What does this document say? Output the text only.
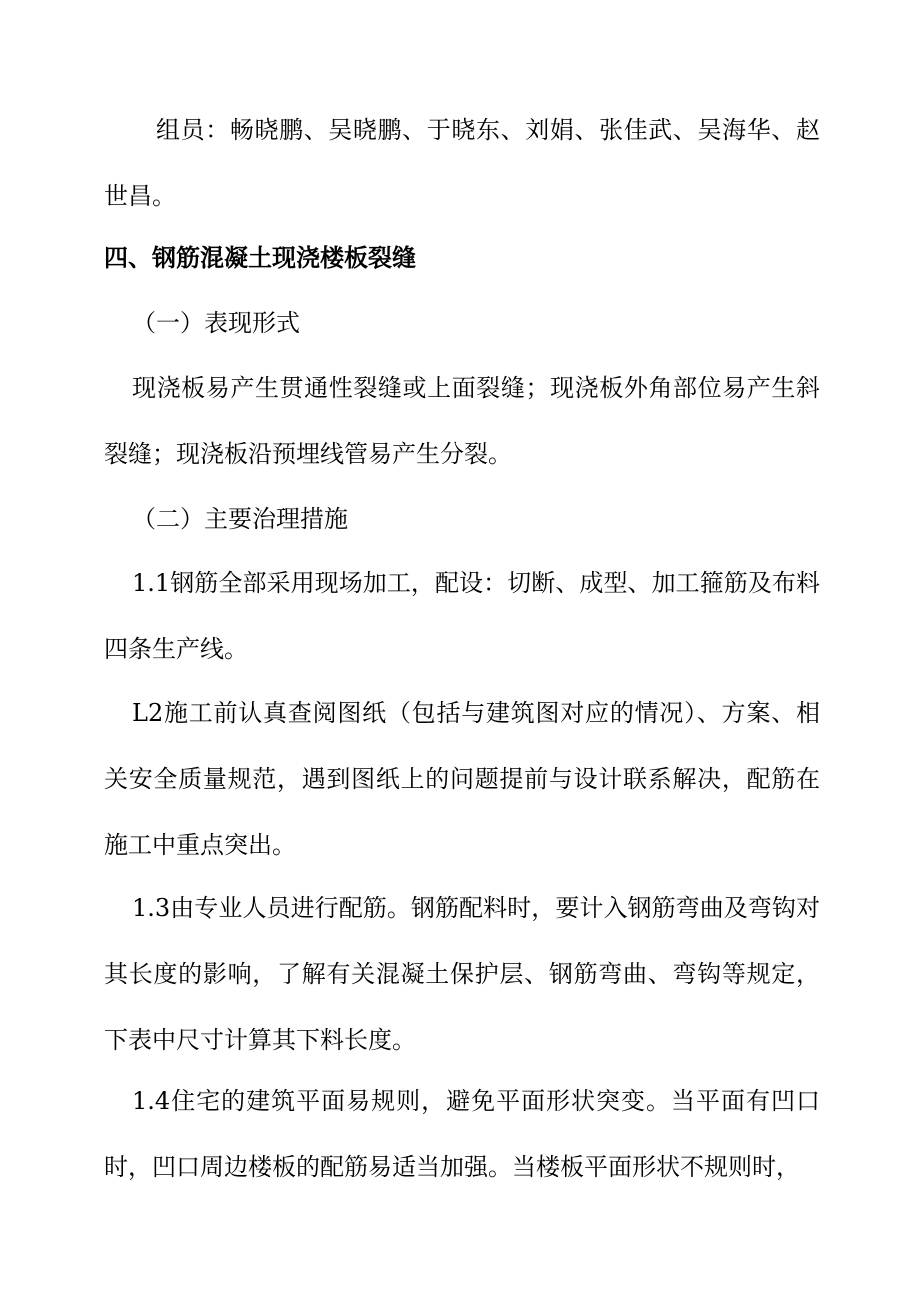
组员：畅晓鹏、吴晓鹏、于晓东、刘娟、张佳武、吴海华、赵世昌。

四、钢筋混凝土现浇楼板裂缝

（一）表现形式

现浇板易产生贯通性裂缝或上面裂缝；现浇板外角部位易产生斜裂缝；现浇板沿预埋线管易产生分裂。

（二）主要治理措施

1.1钢筋全部采用现场加工，配设：切断、成型、加工箍筋及布料四条生产线。

L2施工前认真查阅图纸（包括与建筑图对应的情况）、方案、相关安全质量规范，遇到图纸上的问题提前与设计联系解决，配筋在施工中重点突出。

1.3由专业人员进行配筋。钢筋配料时，要计入钢筋弯曲及弯钩对其长度的影响，了解有关混凝土保护层、钢筋弯曲、弯钩等规定，下表中尺寸计算其下料长度。

1.4住宅的建筑平面易规则，避免平面形状突变。当平面有凹口时，凹口周边楼板的配筋易适当加强。当楼板平面形状不规则时，
